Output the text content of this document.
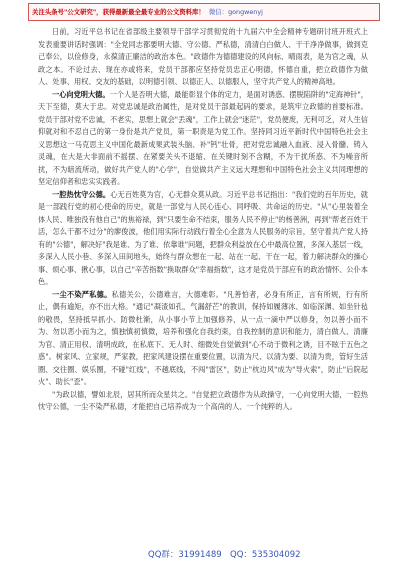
关注头条号"公文研究"，获得最新最全最专业的公文资料库！ 微信：gongwenyj

日前，习近平总书记在省部级主要领导干部学习贯彻党的十九届六中全会精神专题研讨班开班式上发表重要讲话时强调："全党同志都要明大德、守公德、严私德，清清白白做人、干干净净做事，做到克己奉公，以俭修身，永葆清正廉洁的政治本色。"政德作为德德建设的风向标、晴雨表，是为官之魂，从政之本。不论过去、现在亦或将来，党员干部都应坚持党员忠正心明德，怀德自重，把立政德作为做人、处事、用权、交友的基础，以明德引领、以德正人、以德服人，坚守共产党人的精神高地。

一心向党明大德。一个人是否明大德，最能彰显个体的定力，是面对诱惑、摆脱陷阱的"定海神针"，天下至德，莫大于忠。对党忠诚是政治属性，是对党员干部最起码的要求，是筑牢立政德的首要标准。党员干部对党不忠诚，不老实，思想上就会"丢魂"，工作上就会"迷茫"，党员便废，无利可乏，对人生信仰就对和不忍自己的第一身份是共产党员，第一职责是为党工作。坚持同习近平新时代中国特色社会主义思想这一马克思主义中国化最新成果武装头脑、补"钙"壮骨，把对党忠诚融入血液、浸入骨髓、铸入灵魂，在大是大非面前不摇摆、在紧要关头不退缩、在关键时刻不含糊，不为干扰所惑、不为噪音所扰，不为暗流所动，做好共产党人的"心学"，自觉做共产主义远大理想和中国特色社会主义共同理想的坚定信仰者和忠实实践者。

一腔热忱守公德。心无百姓莫为官，心无群众莫从政。习近平总书记指出："我们党的百年历史，就是一部践行党的初心使命的历史，就是一部党与人民心连心、同呼吸、共命运的历史。"从"心里装着全体人民、唯独没有他自己"的焦裕禄，到"只要生命不结束，服务人民不停止"的杨善洲，再到"帮老百姓干活，怎么干都不过分"的廖俊波，他们用实际行动践行着全心全意为人民服务的宗旨，坚守着共产党人持有的"公德"，解决好"我是谁、为了谁、依靠谁"问题，把群众利益放在心中最高位置，多深入基层一线，多深入人民小巷、多深入田间地头，始终与群众想在一起、站在一起、干在一起，着力解决群众的操心事、烦心事、揪心事，以自己"辛苦指数"换取群众"幸福指数"，这才是党员干部应有的政治情怀、公仆本色。

一尘不染严私德。私德关公，公德难言，大德难彰。"凡善怕者，必身有所正，言有所规，行有所止，偶有逾矩，亦不出大格。"通记"凝渣如孔，气漏舒芒"的教训，保持如履薄冰、如临深渊、如坐针毡的敬畏，坚持抵早抓小、防微杜渐，从小事小节上加强修养，从一点一滴中严以修身，勿以善小而不为、勿以恶小而为之，慎独慎初慎微，培养和强化自我约束，自我控制的意识和能力，清白做人、清廉为官、清正用权、清明成政，在私底下、无人时、细微处自觉做到"心不动于微利之诱，目不眩于五色之惑"。树家风、立家规，严家教，把家风建设摆在重要位置，以清为尺、以清为要、以清为贵，管好生活圈、交往圈、娱乐圈，不碰"红线"，不越底线，不闯"雷区"，防止"枕边风"成为"导火索"，防止"后院起火"、助长"歪"。

"为政以德，譬如北辰，居其所而众星共之。"自觉把立政德作为从政操守，一心向党明大德，一腔热忱守公德，一尘不染严私德，才能把自己培养成为一个高尚的人、一个纯粹的人。

QQ群：31991489 QQ：535304092
